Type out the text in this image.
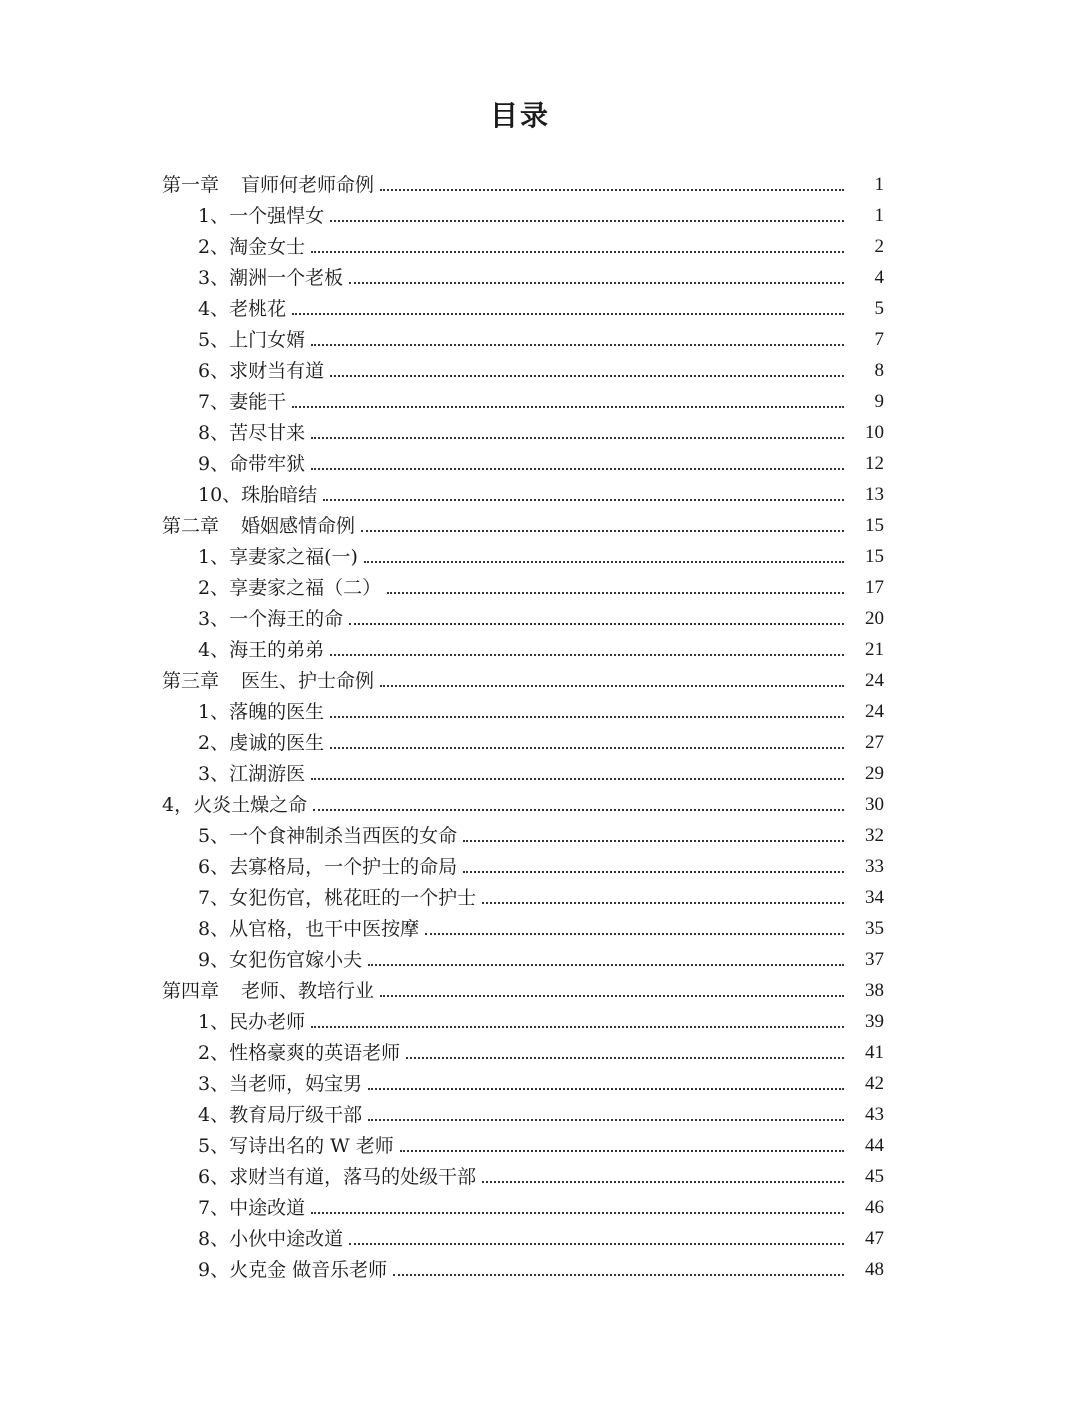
目录
第一章 盲师何老师命例	1
1、一个强悍女	1
2、淘金女士	2
3、潮洲一个老板	4
4、老桃花	5
5、上门女婿	7
6、求财当有道	8
7、妻能干	9
8、苦尽甘来	10
9、命带牢狱	12
10、珠胎暗结	13
第二章 婚姻感情命例	15
1、享妻家之福(一)	15
2、享妻家之福（二）	17
3、一个海王的命	20
4、海王的弟弟	21
第三章 医生、护士命例	24
1、落魄的医生	24
2、虔诚的医生	27
3、江湖游医	29
4，火炎土燥之命	30
5、一个食神制杀当西医的女命	32
6、去寡格局，一个护士的命局	33
7、女犯伤官，桃花旺的一个护士	34
8、从官格，也干中医按摩	35
9、女犯伤官嫁小夫	37
第四章 老师、教培行业	38
1、民办老师	39
2、性格豪爽的英语老师	41
3、当老师，妈宝男	42
4、教育局厅级干部	43
5、写诗出名的 W 老师	44
6、求财当有道，落马的处级干部	45
7、中途改道	46
8、小伙中途改道	47
9、火克金 做音乐老师	48
